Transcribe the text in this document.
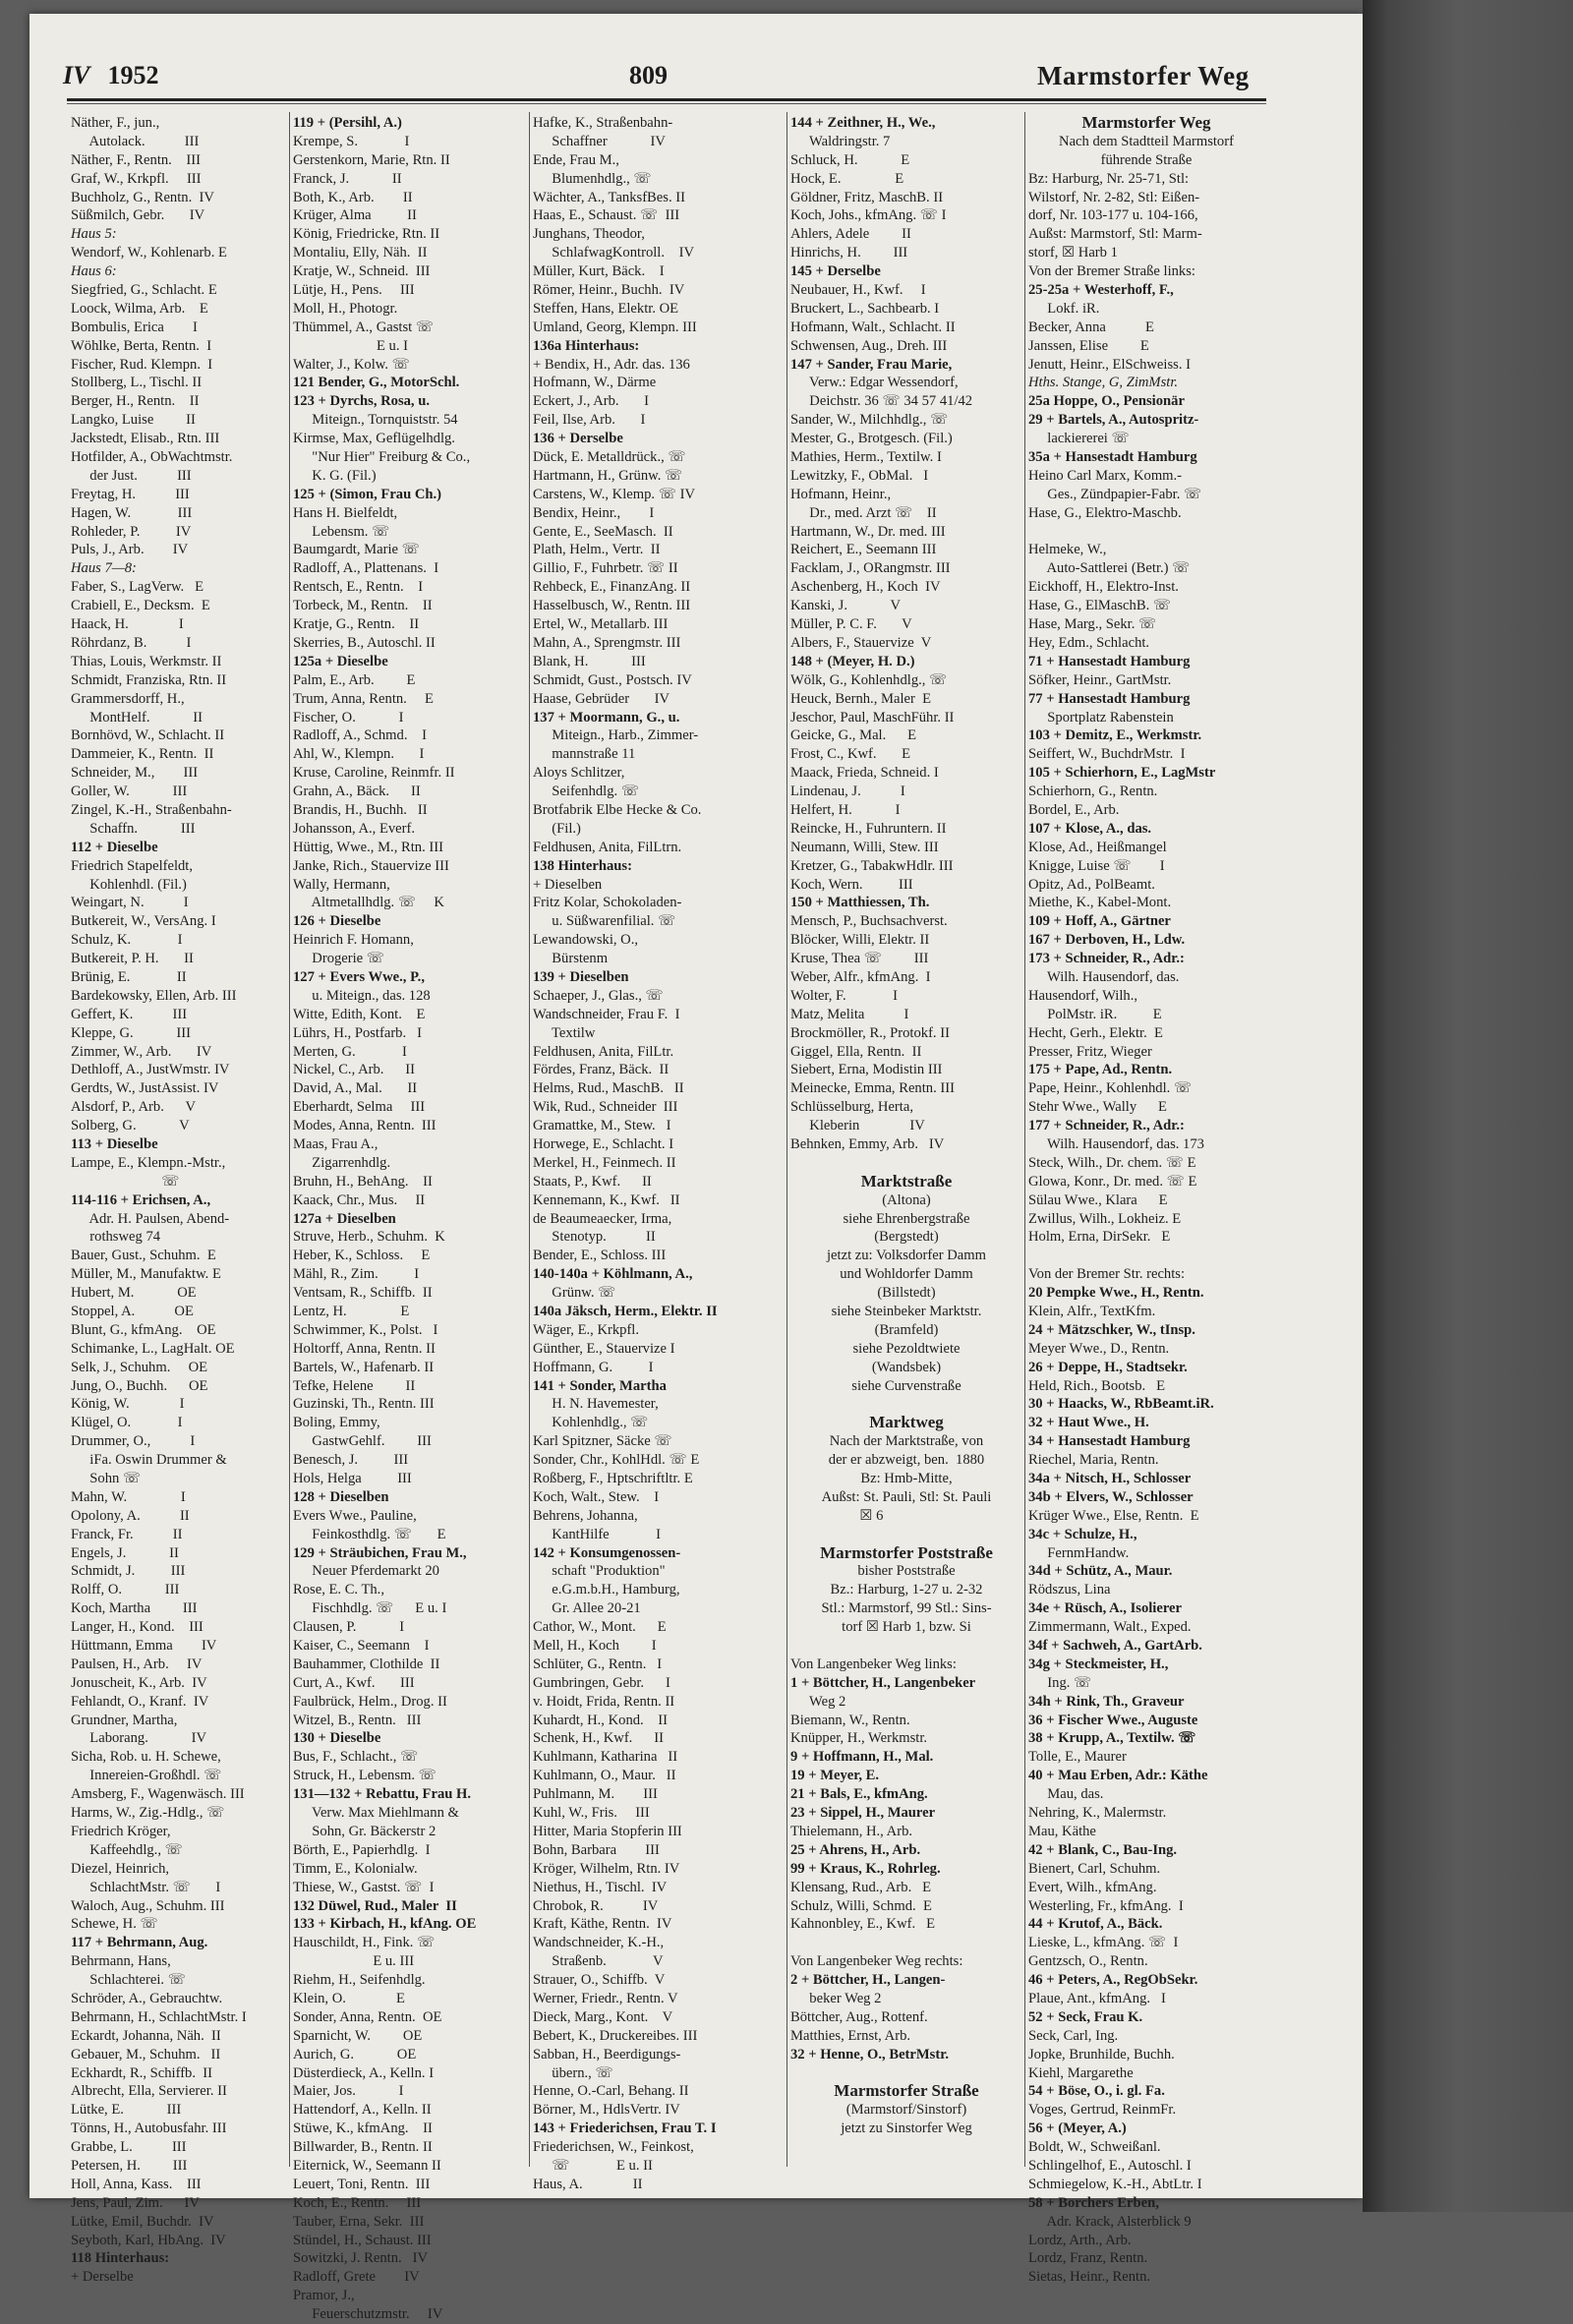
IV 1952	809	Marmstorfer Weg
Näther, F., jun.,
Autolack.           III
Näther, F., Rentn.    III
Graf, W., Krkpfl.     III
Buchholz, G., Rentn.  IV
Süßmilch, Gebr.       IV
Haus 5:
Wendorf, W., Kohlenarb. E
Haus 6:
Siegfried, G., Schlacht. E
Loock, Wilma, Arb.    E
Bombulis, Erica        I
Wöhlke, Berta, Rentn.  I
Fischer, Rud. Klempn.  I
Stollberg, L., Tischl. II
Berger, H., Rentn.    II
Langko, Luise         II
Jackstedt, Elisab., Rtn. III
Hotfilder, A., ObWachtmstr.
der Just.           III
Freytag, H.           III
Hagen, W.             III
Rohleder, P.          IV
Puls, J., Arb.        IV
Haus 7—8:
Faber, S., LagVerw.   E
Crabiell, E., Decksm.  E
Haack, H.              I
Röhrdanz, B.           I
Thias, Louis, Werkmstr. II
Schmidt, Franziska, Rtn. II
Grammersdorff, H.,
MontHelf.            II
Bornhövd, W., Schlacht. II
Dammeier, K., Rentn.  II
Schneider, M.,        III
Goller, W.            III
Zingel, K.-H., Straßenbahn-
Schaffn.            III
112 + Dieselbe
Friedrich Stapelfeldt,
Kohlenhdl. (Fil.)
Weingart, N.           I
Butkereit, W., VersAng. I
Schulz, K.             I
Butkereit, P. H.       II
Brünig, E.             II
Bardekowsky, Ellen, Arb. III
Geffert, K.           III
Kleppe, G.            III
Zimmer, W., Arb.       IV
Dethloff, A., JustWmstr. IV
Gerdts, W., JustAssist. IV
Alsdorf, P., Arb.      V
Solberg, G.            V
113 + Dieselbe
Lampe, E., Klempn.-Mstr.,
☏
114-116 + Erichsen, A.,
Adr. H. Paulsen, Abend-
rothsweg 74
Bauer, Gust., Schuhm.  E
Müller, M., Manufaktw. E
Hubert, M.            OE
Stoppel, A.           OE
Blunt, G., kfmAng.    OE
Schimanke, L., LagHalt. OE
Selk, J., Schuhm.     OE
Jung, O., Buchh.      OE
König, W.              I
Klügel, O.             I
Drummer, O.,           I
iFa. Oswin Drummer &
Sohn ☏
Mahn, W.               I
Opolony, A.           II
Franck, Fr.           II
Engels, J.            II
Schmidt, J.          III
Rolff, O.            III
Koch, Martha         III
Langer, H., Kond.    III
Hüttmann, Emma        IV
Paulsen, H., Arb.     IV
Jonuscheit, K., Arb.  IV
Fehlandt, O., Kranf.  IV
Grundner, Martha,
Laborang.            IV
Sicha, Rob. u. H. Schewe,
Innereien-Großhdl. ☏
Amsberg, F., Wagenwäsch. III
Harms, W., Zig.-Hdlg., ☏
Friedrich Kröger,
Kaffeehdlg., ☏
Diezel, Heinrich,
SchlachtMstr. ☏       I
Waloch, Aug., Schuhm. III
Schewe, H. ☏
117 + Behrmann, Aug.
Behrmann, Hans,
Schlachterei. ☏
Schröder, A., Gebrauchtw.
Behrmann, H., SchlachtMstr. I
Eckardt, Johanna, Näh.  II
Gebauer, M., Schuhm.   II
Eckhardt, R., Schiffb.  II
Albrecht, Ella, Servierer. II
Lütke, E.            III
Tönns, H., Autobusfahr. III
Grabbe, L.           III
Petersen, H.         III
Holl, Anna, Kass.    III
Jens, Paul, Zim.      IV
Lütke, Emil, Buchdr.  IV
Seyboth, Karl, HbAng.  IV
118 Hinterhaus:
+ Derselbe
119 + (Persihl, A.)
Krempe, S.             I
Gerstenkorn, Marie, Rtn. II
Franck, J.            II
Both, K., Arb.        II
Krüger, Alma          II
König, Friedricke, Rtn. II
Montaliu, Elly, Näh.  II
Kratje, W., Schneid.  III
Lütje, H., Pens.     III
Moll, H., Photogr.
Thümmel, A., Gastst ☏
E u. I
Walter, J., Kolw. ☏
121 Bender, G., MotorSchl.
123 + Dyrchs, Rosa, u.
Miteign., Tornquiststr. 54
Kirmse, Max, Geflügelhdlg.
"Nur Hier" Freiburg & Co.,
K. G. (Fil.)
125 + (Simon, Frau Ch.)
Hans H. Bielfeldt,
Lebensm. ☏
Baumgardt, Marie ☏
Radloff, A., Plattenans.  I
Rentsch, E., Rentn.    I
Torbeck, M., Rentn.    II
Kratje, G., Rentn.    II
Skerries, B., Autoschl. II
125a + Dieselbe
Palm, E., Arb.         E
Trum, Anna, Rentn.     E
Fischer, O.            I
Radloff, A., Schmd.    I
Ahl, W., Klempn.       I
Kruse, Caroline, Reinmfr. II
Grahn, A., Bäck.      II
Brandis, H., Buchh.   II
Johansson, A., Everf.
Hüttig, Wwe., M., Rtn. III
Janke, Rich., Stauervize III
Wally, Hermann,
Altmetallhdlg. ☏     K
126 + Dieselbe
Heinrich F. Homann,
Drogerie ☏
127 + Evers Wwe., P.,
u. Miteign., das. 128
Witte, Edith, Kont.    E
Lührs, H., Postfarb.   I
Merten, G.             I
Nickel, C., Arb.      II
David, A., Mal.       II
Eberhardt, Selma     III
Modes, Anna, Rentn.  III
Maas, Frau A.,
Zigarrenhdlg.
Bruhn, H., BehAng.    II
Kaack, Chr., Mus.     II
127a + Dieselben
Struve, Herb., Schuhm.  K
Heber, K., Schloss.     E
Mähl, R., Zim.          I
Ventsam, R., Schiffb.  II
Lentz, H.               E
Schwimmer, K., Polst.   I
Holtorff, Anna, Rentn. II
Bartels, W., Hafenarb. II
Tefke, Helene         II
Guzinski, Th., Rentn. III
Boling, Emmy,
GastwGehlf.         III
Benesch, J.          III
Hols, Helga          III
128 + Dieselben
Evers Wwe., Pauline,
Feinkosthdlg. ☏       E
129 + Sträubichen, Frau M.,
Neuer Pferdemarkt 20
Rose, E. C. Th.,
Fischhdlg. ☏      E u. I
Clausen, P.            I
Kaiser, C., Seemann    I
Bauhammer, Clothilde  II
Curt, A., Kwf.       III
Faulbrück, Helm., Drog. II
Witzel, B., Rentn.   III
130 + Dieselbe
Bus, F., Schlacht., ☏
Struck, H., Lebensm. ☏
131—132 + Rebattu, Frau H.
Verw. Max Miehlmann &
Sohn, Gr. Bäckerstr 2
Börth, E., Papierhdlg.  I
Timm, E., Kolonialw.
Thiese, W., Gastst. ☏  I
132 Düwel, Rud., Maler  II
133 + Kirbach, H., kfAng. OE
Hauschildt, H., Fink. ☏
E u. III
Riehm, H., Seifenhdlg.
Klein, O.              E
Sonder, Anna, Rentn.  OE
Sparnicht, W.         OE
Aurich, G.            OE
Düsterdieck, A., Kelln. I
Maier, Jos.            I
Hattendorf, A., Kelln. II
Stüwe, K., kfmAng.    II
Billwarder, B., Rentn. II
Eiternick, W., Seemann II
Leuert, Toni, Rentn.  III
Koch, E., Rentn.     III
Tauber, Erna, Sekr.  III
Stündel, H., Schaust. III
Sowitzki, J. Rentn.   IV
Radloff, Grete        IV
Pramor, J.,
Feuerschutzmstr.     IV
Hafke, K., Straßenbahn-
Schaffner            IV
Ende, Frau M.,
Blumenhdlg., ☏
Wächter, A., TanksfBes. II
Haas, E., Schaust. ☏  III
Junghans, Theodor,
SchlafwagKontroll.    IV
Müller, Kurt, Bäck.    I
Römer, Heinr., Buchh.  IV
Steffen, Hans, Elektr. OE
Umland, Georg, Klempn. III
136a Hinterhaus:
+ Bendix, H., Adr. das. 136
Hofmann, W., Därme
Eckert, J., Arb.       I
Feil, Ilse, Arb.       I
136 + Derselbe
Dück, E. Metalldrück., ☏
Hartmann, H., Grünw. ☏
Carstens, W., Klemp. ☏ IV
Bendix, Heinr.,        I
Gente, E., SeeMasch.  II
Plath, Helm., Vertr.  II
Gillio, F., Fuhrbetr. ☏ II
Rehbeck, E., FinanzAng. II
Hasselbusch, W., Rentn. III
Ertel, W., Metallarb. III
Mahn, A., Sprengmstr. III
Blank, H.            III
Schmidt, Gust., Postsch. IV
Haase, Gebrüder       IV
137 + Moormann, G., u.
Miteign., Harb., Zimmer-
mannstraße 11
Aloys Schlitzer,
Seifenhdlg. ☏
Brotfabrik Elbe Hecke & Co.
(Fil.)
Feldhusen, Anita, FilLtrn.
138 Hinterhaus:
+ Dieselben
Fritz Kolar, Schokoladen-
u. Süßwarenfilial. ☏
Lewandowski, O.,
Bürstenm
139 + Dieselben
Schaeper, J., Glas., ☏
Wandschneider, Frau F.  I
Textilw
Feldhusen, Anita, FilLtr.
Fördes, Franz, Bäck.  II
Helms, Rud., MaschB.   II
Wik, Rud., Schneider  III
Gramattke, M., Stew.   I
Horwege, E., Schlacht. I
Merkel, H., Feinmech. II
Staats, P., Kwf.      II
Kennemann, K., Kwf.   II
de Beaumeaecker, Irma,
Stenotyp.           II
Bender, E., Schloss. III
140-140a + Köhlmann, A.,
Grünw. ☏
140a Jäksch, Herm., Elektr. II
Wäger, E., Krkpfl.
Günther, E., Stauervize I
Hoffmann, G.          I
141 + Sonder, Martha
H. N. Havemester,
Kohlenhdlg., ☏
Karl Spitzner, Säcke ☏
Sonder, Chr., KohlHdl. ☏ E
Roßberg, F., Hptschriftltr. E
Koch, Walt., Stew.    I
Behrens, Johanna,
KantHilfe             I
142 + Konsumgenossen-
schaft "Produktion"
e.G.m.b.H., Hamburg,
Gr. Allee 20-21
Cathor, W., Mont.      E
Mell, H., Koch         I
Schlüter, G., Rentn.   I
Gumbringen, Gebr.      I
v. Hoidt, Frida, Rentn. II
Kuhardt, H., Kond.    II
Schenk, H., Kwf.      II
Kuhlmann, Katharina   II
Kuhlmann, O., Maur.   II
Puhlmann, M.        III
Kuhl, W., Fris.     III
Hitter, Maria Stopferin III
Bohn, Barbara        III
Kröger, Wilhelm, Rtn. IV
Niethus, H., Tischl.  IV
Chrobok, R.           IV
Kraft, Käthe, Rentn.  IV
Wandschneider, K.-H.,
Straßenb.             V
Strauer, O., Schiffb.  V
Werner, Friedr., Rentn. V
Dieck, Marg., Kont.    V
Bebert, K., Druckereibes. III
Sabban, H., Beerdigungs-
übern., ☏
Henne, O.-Carl, Behang. II
Börner, M., HdlsVertr. IV
143 + Friederichsen, Frau T. I
Friederichsen, W., Feinkost,
☏             E u. II
Haus, A.              II
144 + Zeithner, H., We.,
Waldringstr. 7
Schluck, H.            E
Hock, E.               E
Göldner, Fritz, MaschB. II
Koch, Johs., kfmAng. ☏ I
Ahlers, Adele         II
Hinrichs, H.         III
145 + Derselbe
Neubauer, H., Kwf.     I
Bruckert, L., Sachbearb. I
Hofmann, Walt., Schlacht. II
Schwensen, Aug., Dreh. III
147 + Sander, Frau Marie,
Verw.: Edgar Wessendorf,
Deichstr. 36 ☏ 34 57 41/42
Sander, W., Milchhdlg., ☏
Mester, G., Brotgesch. (Fil.)
Mathies, Herm., Textilw. I
Lewitzky, F., ObMal.   I
Hofmann, Heinr.,
Dr., med. Arzt ☏    II
Hartmann, W., Dr. med. III
Reichert, E., Seemann III
Facklam, J., ORangmstr. III
Aschenberg, H., Koch  IV
Kanski, J.            V
Müller, P. C. F.       V
Albers, F., Stauervize  V
148 + (Meyer, H. D.)
Wölk, G., Kohlenhdlg., ☏
Heuck, Bernh., Maler  E
Jeschor, Paul, MaschFühr. II
Geicke, G., Mal.      E
Frost, C., Kwf.       E
Maack, Frieda, Schneid. I
Lindenau, J.           I
Helfert, H.            I
Reincke, H., Fuhruntern. II
Neumann, Willi, Stew. III
Kretzer, G., TabakwHdlr. III
Koch, Wern.          III
150 + Matthiessen, Th.
Mensch, P., Buchsachverst.
Blöcker, Willi, Elektr. II
Kruse, Thea ☏         III
Weber, Alfr., kfmAng.  I
Wolter, F.             I
Matz, Melita           I
Brockmöller, R., Protokf. II
Giggel, Ella, Rentn.  II
Siebert, Erna, Modistin III
Meinecke, Emma, Rentn. III
Schlüsselburg, Herta,
Kleberin              IV
Behnken, Emmy, Arb.   IV
Marktstraße
(Altona)
siehe Ehrenbergstraße
(Bergstedt)
jetzt zu: Volksdorfer Damm
und Wohldorfer Damm
(Billstedt)
siehe Steinbeker Marktstr.
(Bramfeld)
siehe Pezoldtwiete
(Wandsbek)
siehe Curvenstraße
Marktweg
Nach der Marktstraße, von
der er abzweigt, ben.  1880
Bz: Hmb-Mitte,
Außst: St. Pauli, Stl: St. Pauli
☒ 6
Marmstorfer Poststraße
bisher Poststraße
Bz.: Harburg, 1-27 u. 2-32
Stl.: Marmstorf, 99 Stl.: Sins-
torf ☒ Harb 1, bzw. Si
Von Langenbeker Weg links:
1 + Böttcher, H., Langenbeker
Weg 2
Biemann, W., Rentn.
Knüpper, H., Werkmstr.
9 + Hoffmann, H., Mal.
19 + Meyer, E.
21 + Bals, E., kfmAng.
23 + Sippel, H., Maurer
Thielemann, H., Arb.
25 + Ahrens, H., Arb.
99 + Kraus, K., Rohrleg.
Klensang, Rud., Arb.   E
Schulz, Willi, Schmd.  E
Kahnonbley, E., Kwf.   E
Von Langenbeker Weg rechts:
2 + Böttcher, H., Langen-
beker Weg 2
Böttcher, Aug., Rottenf.
Matthies, Ernst, Arb.
32 + Henne, O., BetrMstr.
Marmstorfer Straße
(Marmstorf/Sinstorf)
jetzt zu Sinstorfer Weg
Marmstorfer Weg
Nach dem Stadtteil Marmstorf
führende Straße
Bz: Harburg, Nr. 25-71, Stl:
Wilstorf, Nr. 2-82, Stl: Eißen-
dorf, Nr. 103-177 u. 104-166,
Außst: Marmstorf, Stl: Marm-
storf, ☒ Harb 1
Von der Bremer Straße links:
25-25a + Westerhoff, F.,
Lokf. iR.
Becker, Anna           E
Janssen, Elise         E
Jenutt, Heinr., ElSchweiss. I
Hths. Stange, G, ZimMstr.
25a Hoppe, O., Pensionär
29 + Bartels, A., Autospritz-
lackiererei ☏
35a + Hansestadt Hamburg
Heino Carl Marx, Komm.-
Ges., Zündpapier-Fabr. ☏
Hase, G., Elektro-Maschb.
Helmeke, W.,
Auto-Sattlerei (Betr.) ☏
Eickhoff, H., Elektro-Inst.
Hase, G., ElMaschB. ☏
Hase, Marg., Sekr. ☏
Hey, Edm., Schlacht.
71 + Hansestadt Hamburg
Söfker, Heinr., GartMstr.
77 + Hansestadt Hamburg
Sportplatz Rabenstein
103 + Demitz, E., Werkmstr.
Seiffert, W., BuchdrMstr.  I
105 + Schierhorn, E., LagMstr
Schierhorn, G., Rentn.
Bordel, E., Arb.
107 + Klose, A., das.
Klose, Ad., Heißmangel
Knigge, Luise ☏        I
Opitz, Ad., PolBeamt.
Miethe, K., Kabel-Mont.
109 + Hoff, A., Gärtner
167 + Derboven, H., Ldw.
173 + Schneider, R., Adr.:
Wilh. Hausendorf, das.
Hausendorf, Wilh.,
PolMstr. iR.          E
Hecht, Gerh., Elektr.  E
Presser, Fritz, Wieger
175 + Pape, Ad., Rentn.
Pape, Heinr., Kohlenhdl. ☏
Stehr Wwe., Wally      E
177 + Schneider, R., Adr.:
Wilh. Hausendorf, das. 173
Steck, Wilh., Dr. chem. ☏ E
Glowa, Konr., Dr. med. ☏ E
Sülau Wwe., Klara      E
Zwillus, Wilh., Lokheiz. E
Holm, Erna, DirSekr.   E
Von der Bremer Str. rechts:
20 Pempke Wwe., H., Rentn.
Klein, Alfr., TextKfm.
24 + Mätzschker, W., tInsp.
Meyer Wwe., D., Rentn.
26 + Deppe, H., Stadtsekr.
Held, Rich., Bootsb.   E
30 + Haacks, W., RbBeamt.iR.
32 + Haut Wwe., H.
34 + Hansestadt Hamburg
Riechel, Maria, Rentn.
34a + Nitsch, H., Schlosser
34b + Elvers, W., Schlosser
Krüger Wwe., Else, Rentn.  E
34c + Schulze, H.,
FernmHandw.
34d + Schütz, A., Maur.
Rödszus, Lina
34e + Rüsch, A., Isolierer
Zimmermann, Walt., Exped.
34f + Sachweh, A., GartArb.
34g + Steckmeister, H.,
Ing. ☏
34h + Rink, Th., Graveur
36 + Fischer Wwe., Auguste
38 + Krupp, A., Textilw. ☏
Tolle, E., Maurer
40 + Mau Erben, Adr.: Käthe
Mau, das.
Nehring, K., Malermstr.
Mau, Käthe
42 + Blank, C., Bau-Ing.
Bienert, Carl, Schuhm.
Evert, Wilh., kfmAng.
Westerling, Fr., kfmAng.  I
44 + Krutof, A., Bäck.
Lieske, L., kfmAng. ☏  I
Gentzsch, O., Rentn.
46 + Peters, A., RegObSekr.
Plaue, Ant., kfmAng.   I
52 + Seck, Frau K.
Seck, Carl, Ing.
Jopke, Brunhilde, Buchh.
Kiehl, Margarethe
54 + Böse, O., i. gl. Fa.
Voges, Gertrud, ReinmFr.
56 + (Meyer, A.)
Boldt, W., Schweißanl.
Schlingelhof, E., Autoschl. I
Schmiegelow, K.-H., AbtLtr. I
58 + Borchers Erben,
Adr. Krack, Alsterblick 9
Lordz, Arth., Arb.
Lordz, Franz, Rentn.
Sietas, Heinr., Rentn.
